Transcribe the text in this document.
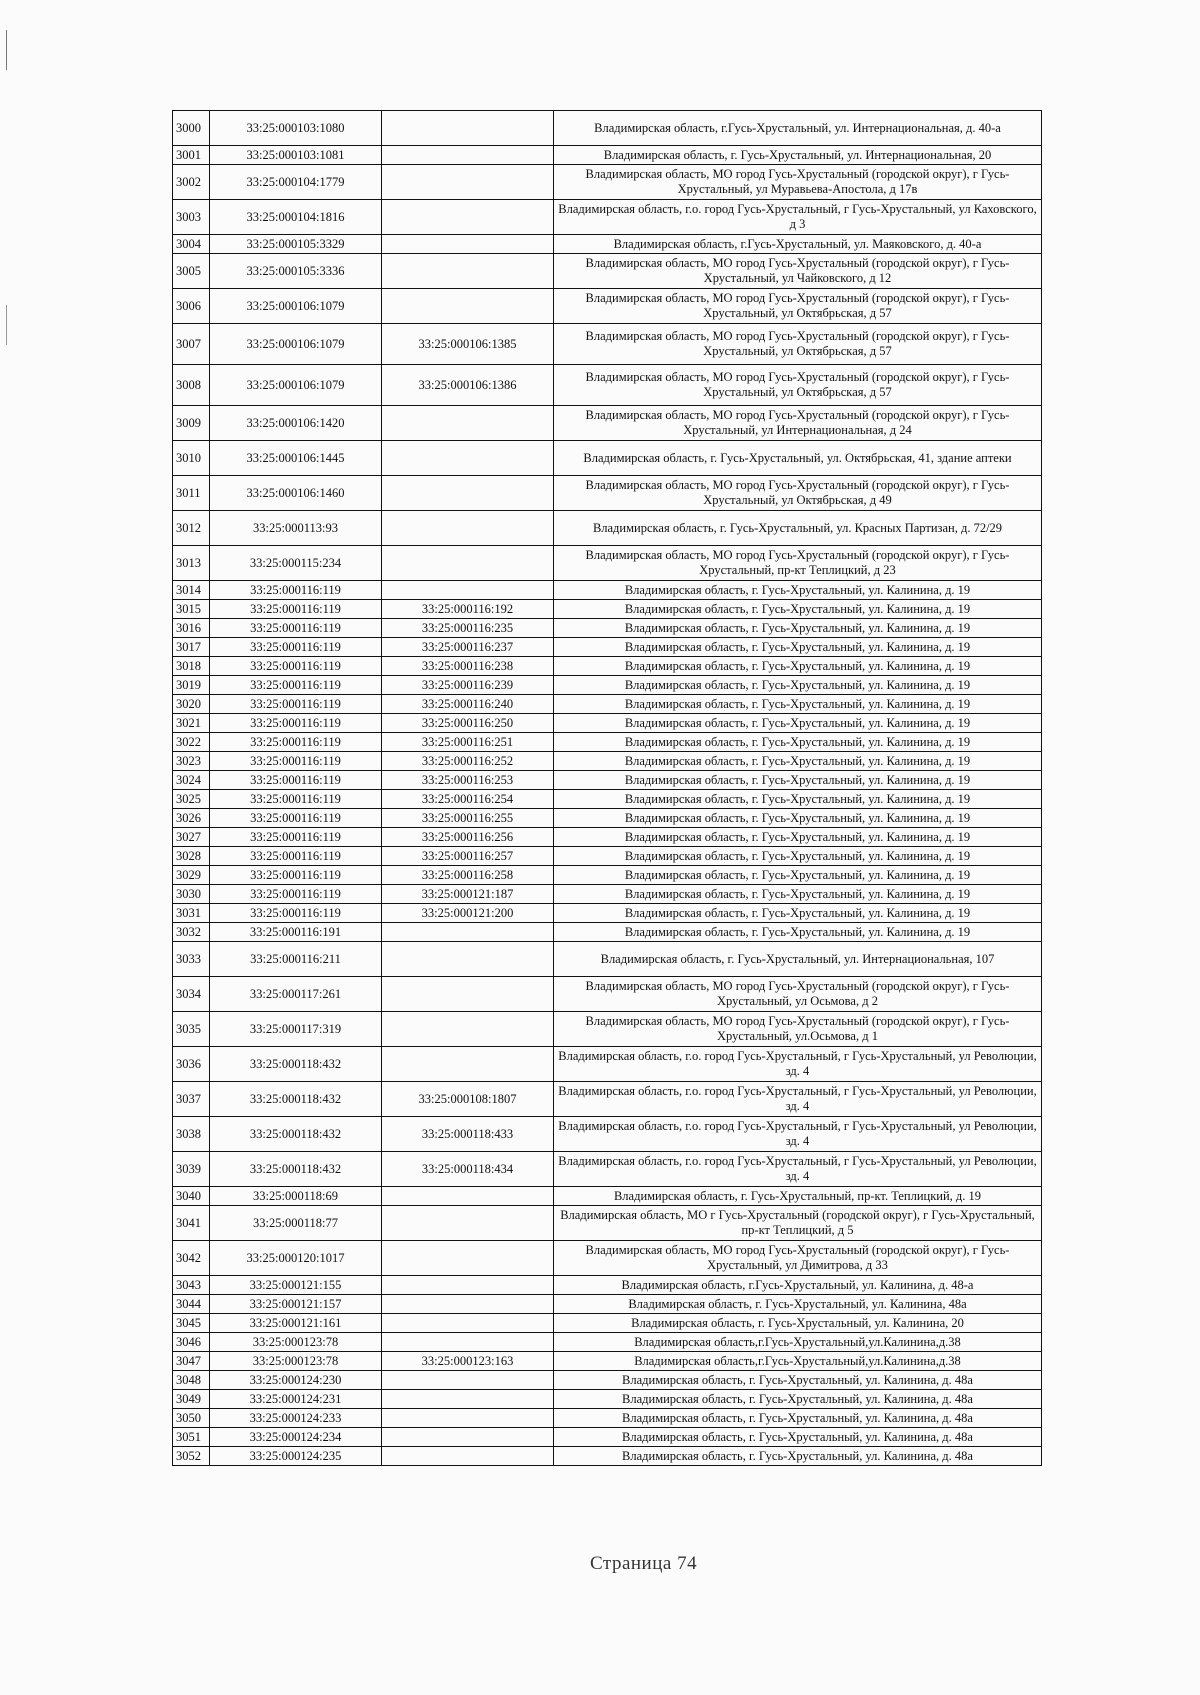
3000	33:25:000103:1080		Владимирская область, г.Гусь-Хрустальный, ул. Интернациональная, д. 40-а
3001	33:25:000103:1081		Владимирская область, г. Гусь-Хрустальный, ул. Интернациональная, 20
3002	33:25:000104:1779		Владимирская область, МО город Гусь-Хрустальный (городской округ), г Гусь-Хрустальный, ул Муравьева-Апостола, д 17в
3003	33:25:000104:1816		Владимирская область, г.о. город Гусь-Хрустальный, г Гусь-Хрустальный, ул Каховского, д 3
3004	33:25:000105:3329		Владимирская область, г.Гусь-Хрустальный, ул. Маяковского, д. 40-а
3005	33:25:000105:3336		Владимирская область, МО город Гусь-Хрустальный (городской округ), г Гусь-Хрустальный, ул Чайковского, д 12
3006	33:25:000106:1079		Владимирская область, МО город Гусь-Хрустальный (городской округ), г Гусь-Хрустальный, ул Октябрьская, д 57
3007	33:25:000106:1079	33:25:000106:1385	Владимирская область, МО город Гусь-Хрустальный (городской округ), г Гусь-Хрустальный, ул Октябрьская, д 57
3008	33:25:000106:1079	33:25:000106:1386	Владимирская область, МО город Гусь-Хрустальный (городской округ), г Гусь-Хрустальный, ул Октябрьская, д 57
3009	33:25:000106:1420		Владимирская область, МО город Гусь-Хрустальный (городской округ), г Гусь-Хрустальный, ул Интернациональная, д 24
3010	33:25:000106:1445		Владимирская область, г. Гусь-Хрустальный, ул. Октябрьская, 41, здание аптеки
3011	33:25:000106:1460		Владимирская область, МО город Гусь-Хрустальный (городской округ), г Гусь-Хрустальный, ул Октябрьская, д 49
3012	33:25:000113:93		Владимирская область, г. Гусь-Хрустальный, ул. Красных Партизан, д. 72/29
3013	33:25:000115:234		Владимирская область, МО город Гусь-Хрустальный (городской округ), г Гусь-Хрустальный, пр-кт Теплицкий, д 23
3014	33:25:000116:119		Владимирская область, г. Гусь-Хрустальный, ул. Калинина, д. 19
3015	33:25:000116:119	33:25:000116:192	Владимирская область, г. Гусь-Хрустальный, ул. Калинина, д. 19
3016	33:25:000116:119	33:25:000116:235	Владимирская область, г. Гусь-Хрустальный, ул. Калинина, д. 19
3017	33:25:000116:119	33:25:000116:237	Владимирская область, г. Гусь-Хрустальный, ул. Калинина, д. 19
3018	33:25:000116:119	33:25:000116:238	Владимирская область, г. Гусь-Хрустальный, ул. Калинина, д. 19
3019	33:25:000116:119	33:25:000116:239	Владимирская область, г. Гусь-Хрустальный, ул. Калинина, д. 19
3020	33:25:000116:119	33:25:000116:240	Владимирская область, г. Гусь-Хрустальный, ул. Калинина, д. 19
3021	33:25:000116:119	33:25:000116:250	Владимирская область, г. Гусь-Хрустальный, ул. Калинина, д. 19
3022	33:25:000116:119	33:25:000116:251	Владимирская область, г. Гусь-Хрустальный, ул. Калинина, д. 19
3023	33:25:000116:119	33:25:000116:252	Владимирская область, г. Гусь-Хрустальный, ул. Калинина, д. 19
3024	33:25:000116:119	33:25:000116:253	Владимирская область, г. Гусь-Хрустальный, ул. Калинина, д. 19
3025	33:25:000116:119	33:25:000116:254	Владимирская область, г. Гусь-Хрустальный, ул. Калинина, д. 19
3026	33:25:000116:119	33:25:000116:255	Владимирская область, г. Гусь-Хрустальный, ул. Калинина, д. 19
3027	33:25:000116:119	33:25:000116:256	Владимирская область, г. Гусь-Хрустальный, ул. Калинина, д. 19
3028	33:25:000116:119	33:25:000116:257	Владимирская область, г. Гусь-Хрустальный, ул. Калинина, д. 19
3029	33:25:000116:119	33:25:000116:258	Владимирская область, г. Гусь-Хрустальный, ул. Калинина, д. 19
3030	33:25:000116:119	33:25:000121:187	Владимирская область, г. Гусь-Хрустальный, ул. Калинина, д. 19
3031	33:25:000116:119	33:25:000121:200	Владимирская область, г. Гусь-Хрустальный, ул. Калинина, д. 19
3032	33:25:000116:191		Владимирская область, г. Гусь-Хрустальный, ул. Калинина, д. 19
3033	33:25:000116:211		Владимирская область, г. Гусь-Хрустальный, ул. Интернациональная, 107
3034	33:25:000117:261		Владимирская область, МО город Гусь-Хрустальный (городской округ), г Гусь-Хрустальный, ул Осьмова, д 2
3035	33:25:000117:319		Владимирская область, МО город Гусь-Хрустальный (городской округ), г Гусь-Хрустальный, ул.Осьмова, д 1
3036	33:25:000118:432		Владимирская область, г.о. город Гусь-Хрустальный, г Гусь-Хрустальный, ул Революции, зд. 4
3037	33:25:000118:432	33:25:000108:1807	Владимирская область, г.о. город Гусь-Хрустальный, г Гусь-Хрустальный, ул Революции, зд. 4
3038	33:25:000118:432	33:25:000118:433	Владимирская область, г.о. город Гусь-Хрустальный, г Гусь-Хрустальный, ул Революции, зд. 4
3039	33:25:000118:432	33:25:000118:434	Владимирская область, г.о. город Гусь-Хрустальный, г Гусь-Хрустальный, ул Революции, зд. 4
3040	33:25:000118:69		Владимирская область, г. Гусь-Хрустальный, пр-кт. Теплицкий, д. 19
3041	33:25:000118:77		Владимирская область, МО г Гусь-Хрустальный (городской округ), г Гусь-Хрустальный, пр-кт Теплицкий, д 5
3042	33:25:000120:1017		Владимирская область, МО город Гусь-Хрустальный (городской округ), г Гусь-Хрустальный, ул Димитрова, д 33
3043	33:25:000121:155		Владимирская область, г.Гусь-Хрустальный, ул. Калинина, д. 48-а
3044	33:25:000121:157		Владимирская область, г. Гусь-Хрустальный, ул. Калинина, 48а
3045	33:25:000121:161		Владимирская область, г. Гусь-Хрустальный, ул. Калинина, 20
3046	33:25:000123:78		Владимирская область,г.Гусь-Хрустальный,ул.Калинина,д.38
3047	33:25:000123:78	33:25:000123:163	Владимирская область,г.Гусь-Хрустальный,ул.Калинина,д.38
3048	33:25:000124:230		Владимирская область, г. Гусь-Хрустальный, ул. Калинина, д. 48а
3049	33:25:000124:231		Владимирская область, г. Гусь-Хрустальный, ул. Калинина, д. 48а
3050	33:25:000124:233		Владимирская область, г. Гусь-Хрустальный, ул. Калинина, д. 48а
3051	33:25:000124:234		Владимирская область, г. Гусь-Хрустальный, ул. Калинина, д. 48а
3052	33:25:000124:235		Владимирская область, г. Гусь-Хрустальный, ул. Калинина, д. 48а
Страница 74
